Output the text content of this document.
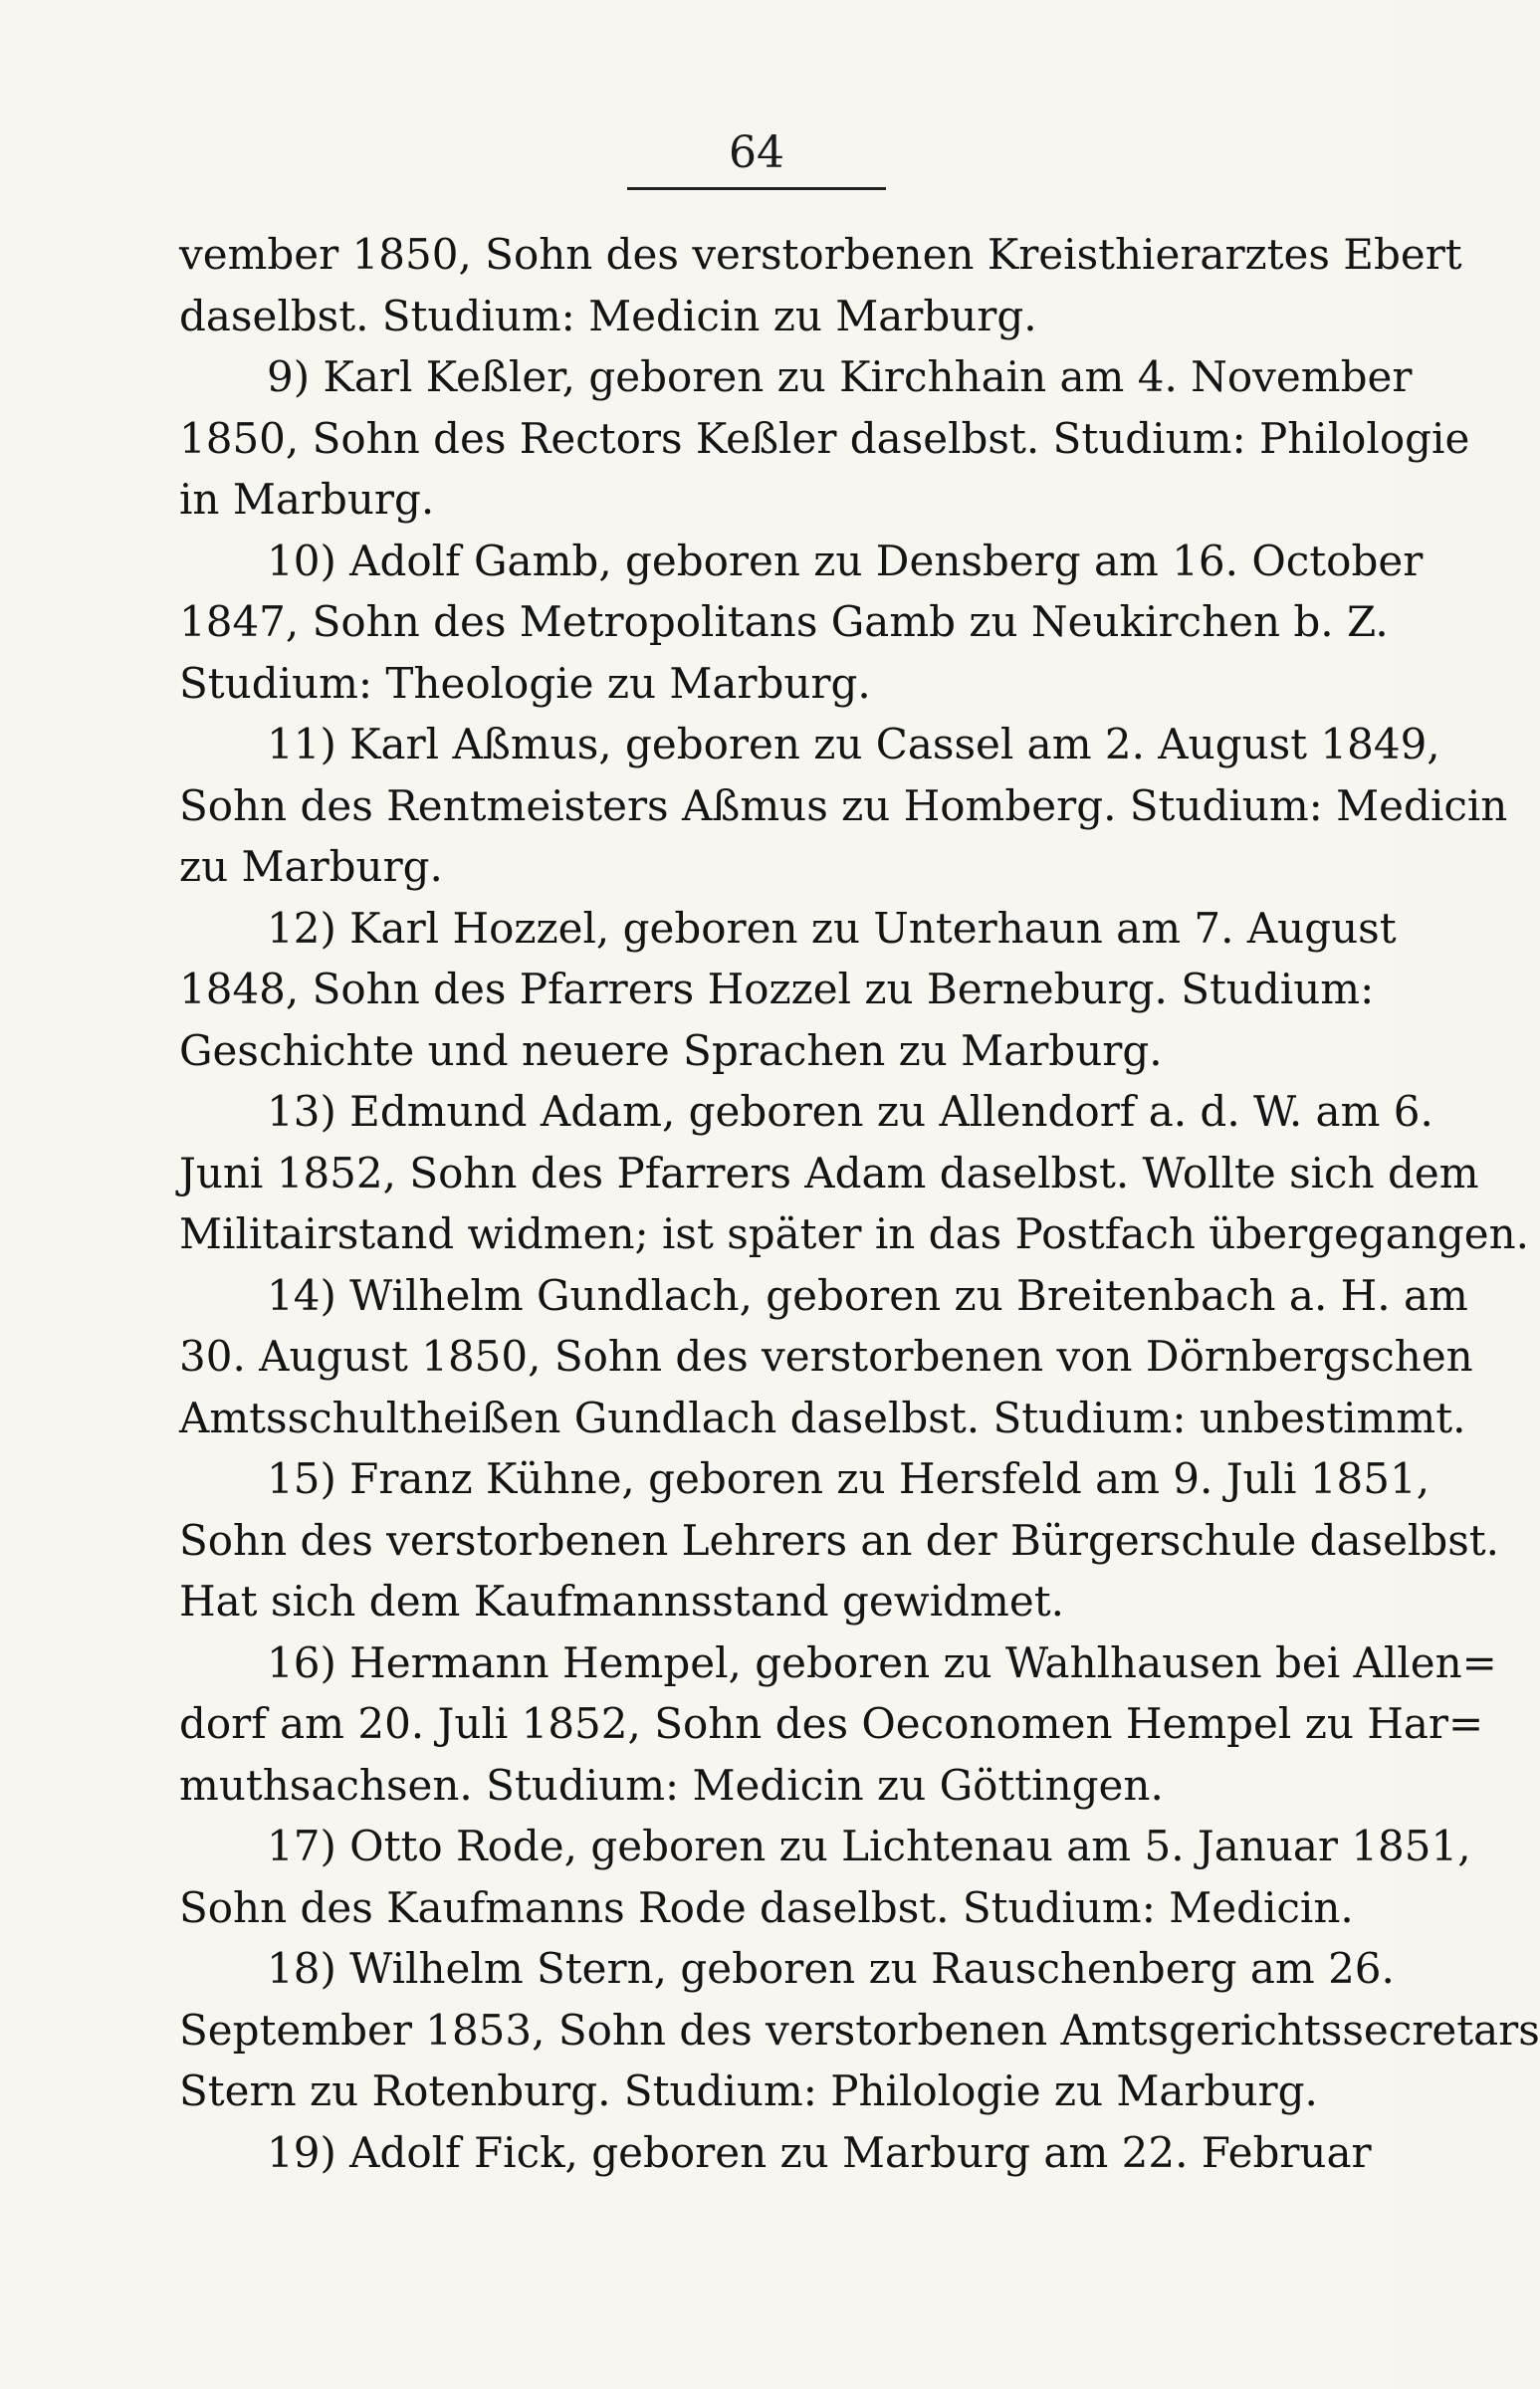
64
vember 1850, Sohn des verstorbenen Kreisthierarztes Ebert
daselbst. Studium: Medicin zu Marburg.
9) Karl Keßler, geboren zu Kirchhain am 4. November
1850, Sohn des Rectors Keßler daselbst. Studium: Philologie
in Marburg.
10) Adolf Gamb, geboren zu Densberg am 16. October
1847, Sohn des Metropolitans Gamb zu Neukirchen b. Z.
Studium: Theologie zu Marburg.
11) Karl Aßmus, geboren zu Cassel am 2. August 1849,
Sohn des Rentmeisters Aßmus zu Homberg. Studium: Medicin
zu Marburg.
12) Karl Hozzel, geboren zu Unterhaun am 7. August
1848, Sohn des Pfarrers Hozzel zu Berneburg. Studium:
Geschichte und neuere Sprachen zu Marburg.
13) Edmund Adam, geboren zu Allendorf a. d. W. am 6.
Juni 1852, Sohn des Pfarrers Adam daselbst. Wollte sich dem
Militairstand widmen; ist später in das Postfach übergegangen.
14) Wilhelm Gundlach, geboren zu Breitenbach a. H. am
30. August 1850, Sohn des verstorbenen von Dörnbergschen
Amtsschultheißen Gundlach daselbst. Studium: unbestimmt.
15) Franz Kühne, geboren zu Hersfeld am 9. Juli 1851,
Sohn des verstorbenen Lehrers an der Bürgerschule daselbst.
Hat sich dem Kaufmannsstand gewidmet.
16) Hermann Hempel, geboren zu Wahlhausen bei Allen=
dorf am 20. Juli 1852, Sohn des Oeconomen Hempel zu Har=
muthsachsen. Studium: Medicin zu Göttingen.
17) Otto Rode, geboren zu Lichtenau am 5. Januar 1851,
Sohn des Kaufmanns Rode daselbst. Studium: Medicin.
18) Wilhelm Stern, geboren zu Rauschenberg am 26.
September 1853, Sohn des verstorbenen Amtsgerichtssecretars
Stern zu Rotenburg. Studium: Philologie zu Marburg.
19) Adolf Fick, geboren zu Marburg am 22. Februar
